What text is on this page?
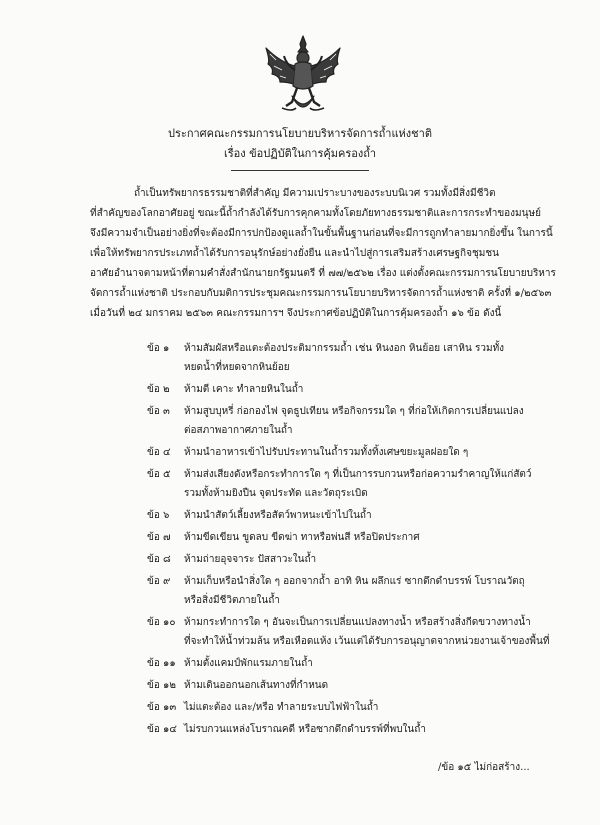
ประกาศคณะกรรมการนโยบายบริหารจัดการถ้ำแห่งชาติ
เรื่อง ข้อปฏิบัติในการคุ้มครองถ้ำ
ถ้ำเป็นทรัพยากรธรรมชาติที่สำคัญ มีความเปราะบางของระบบนิเวศ รวมทั้งมีสิ่งมีชีวิต
ที่สำคัญของโลกอาศัยอยู่ ขณะนี้ถ้ำกำลังได้รับการคุกคามทั้งโดยภัยทางธรรมชาติและการกระทำของมนุษย์
จึงมีความจำเป็นอย่างยิ่งที่จะต้องมีการปกป้องดูแลถ้ำในขั้นพื้นฐานก่อนที่จะมีการถูกทำลายมากยิ่งขึ้น ในการนี้
เพื่อให้ทรัพยากรประเภทถ้ำได้รับการอนุรักษ์อย่างยั่งยืน และนำไปสู่การเสริมสร้างเศรษฐกิจชุมชน
อาศัยอำนาจตามหน้าที่ตามคำสั่งสำนักนายกรัฐมนตรี ที่ ๗๗/๒๕๖๒ เรื่อง แต่งตั้งคณะกรรมการนโยบายบริหาร
จัดการถ้ำแห่งชาติ ประกอบกับมติการประชุมคณะกรรมการนโยบายบริหารจัดการถ้ำแห่งชาติ ครั้งที่ ๑/๒๕๖๓
เมื่อวันที่ ๒๔ มกราคม ๒๕๖๓ คณะกรรมการฯ จึงประกาศข้อปฏิบัติในการคุ้มครองถ้ำ ๑๖ ข้อ ดังนี้
ข้อ ๑ ห้ามสัมผัสหรือแตะต้องประติมากรรมถ้ำ เช่น หินงอก หินย้อย เสาหิน รวมทั้ง
หยดน้ำที่หยดจากหินย้อย
ข้อ ๒ ห้ามตี เคาะ ทำลายหินในถ้ำ
ข้อ ๓ ห้ามสูบบุหรี่ ก่อกองไฟ จุดธูปเทียน หรือกิจกรรมใด ๆ ที่ก่อให้เกิดการเปลี่ยนแปลง
ต่อสภาพอากาศภายในถ้ำ
ข้อ ๔ ห้ามนำอาหารเข้าไปรับประทานในถ้ำรวมทั้งทิ้งเศษขยะมูลฝอยใด ๆ
ข้อ ๕ ห้ามส่งเสียงดังหรือกระทำการใด ๆ ที่เป็นการรบกวนหรือก่อความรำคาญให้แก่สัตว์
รวมทั้งห้ามยิงปืน จุดประทัด และวัตถุระเบิด
ข้อ ๖ ห้ามนำสัตว์เลี้ยงหรือสัตว์พาหนะเข้าไปในถ้ำ
ข้อ ๗ ห้ามขีดเขียน ขูดลบ ขีดฆ่า ทาหรือพ่นสี หรือปิดประกาศ
ข้อ ๘ ห้ามถ่ายอุจจาระ ปัสสาวะในถ้ำ
ข้อ ๙ ห้ามเก็บหรือนำสิ่งใด ๆ ออกจากถ้ำ อาทิ หิน ผลึกแร่ ซากดึกดำบรรพ์ โบราณวัตถุ
หรือสิ่งมีชีวิตภายในถ้ำ
ข้อ ๑๐ ห้ามกระทำการใด ๆ อันจะเป็นการเปลี่ยนแปลงทางน้ำ หรือสร้างสิ่งกีดขวางทางน้ำ
ที่จะทำให้น้ำท่วมล้น หรือเหือดแห้ง เว้นแต่ได้รับการอนุญาตจากหน่วยงานเจ้าของพื้นที่
ข้อ ๑๑ ห้ามตั้งแคมป์พักแรมภายในถ้ำ
ข้อ ๑๒ ห้ามเดินออกนอกเส้นทางที่กำหนด
ข้อ ๑๓ ไม่แตะต้อง และ/หรือ ทำลายระบบไฟฟ้าในถ้ำ
ข้อ ๑๔ ไม่รบกวนแหล่งโบราณคดี หรือซากดึกดำบรรพ์ที่พบในถ้ำ
/ข้อ ๑๕ ไม่ก่อสร้าง...
